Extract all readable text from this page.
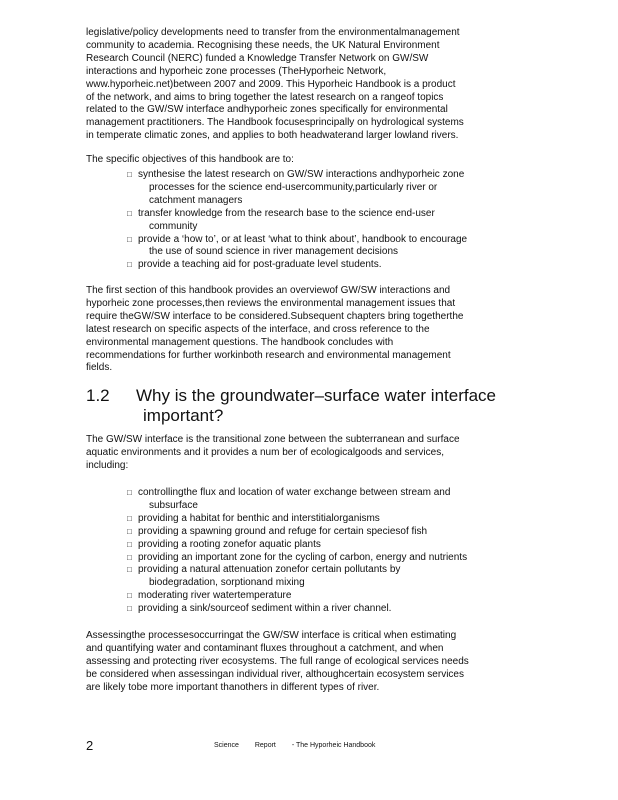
legislative/policy developments need to transfer from the environmentalmanagement
community to academia. Recognising these needs, the UK Natural Environment
Research Council (NERC) funded a Knowledge Transfer Network on GW/SW
interactions and hyporheic zone processes (TheHyporheic Network,
www.hyporheic.net)between 2007 and 2009. This Hyporheic Handbook is a product
of the network, and aims to bring together the latest research on a rangeof topics
related to the GW/SW interface andhyporheic zones specifically for environmental
management practitioners. The Handbook focusesprincipally on hydrological systems
in temperate climatic zones, and applies to both headwaterand larger lowland rivers.

The specific objectives of this handbook are to:

□ synthesise the latest research on GW/SW interactions andhyporheic zone
processes for the science end-usercommunity,particularly river or
catchment managers
□ transfer knowledge from the research base to the science end-user
community
□ provide a ‘how to’, or at least ‘what to think about’, handbook to encourage
the use of sound science in river management decisions
□ provide a teaching aid for post-graduate level students.
The first section of this handbook provides an overviewof GW/SW interactions and
hyporheic zone processes,then reviews the environmental management issues that
require theGW/SW interface to be considered.Subsequent chapters bring togetherthe
latest research on specific aspects of the interface, and cross reference to the
environmental management questions. The handbook concludes with
recommendations for further workinboth research and environmental management
fields.
1.2	Why is the groundwater–surface water interface
important?
The GW/SW interface is the transitional zone between the subterranean and surface
aquatic environments and it provides a num ber of ecologicalgoods and services,
including:
□ controllingthe flux and location of water exchange between stream and
subsurface
□ providing a habitat for benthic and interstitialorganisms
□ providing a spawning ground and refuge for certain speciesof fish
□ providing a rooting zonefor aquatic plants
□ providing an important zone for the cycling of carbon, energy and nutrients
□ providing a natural attenuation zonefor certain pollutants by
biodegradation, sorptionand mixing
□ moderating river watertemperature
□ providing a sink/sourceof sediment within a river channel.
Assessingthe processesoccurringat the GW/SW interface is critical when estimating
and quantifying water and contaminant fluxes throughout a catchment, and when
assessing and protecting river ecosystems. The full range of ecological services needs
be considered when assessingan individual river, althoughcertain ecosystem services
are likely tobe more important thanothers in different types of river.
2	Science Report - The Hyporheic Handbook
